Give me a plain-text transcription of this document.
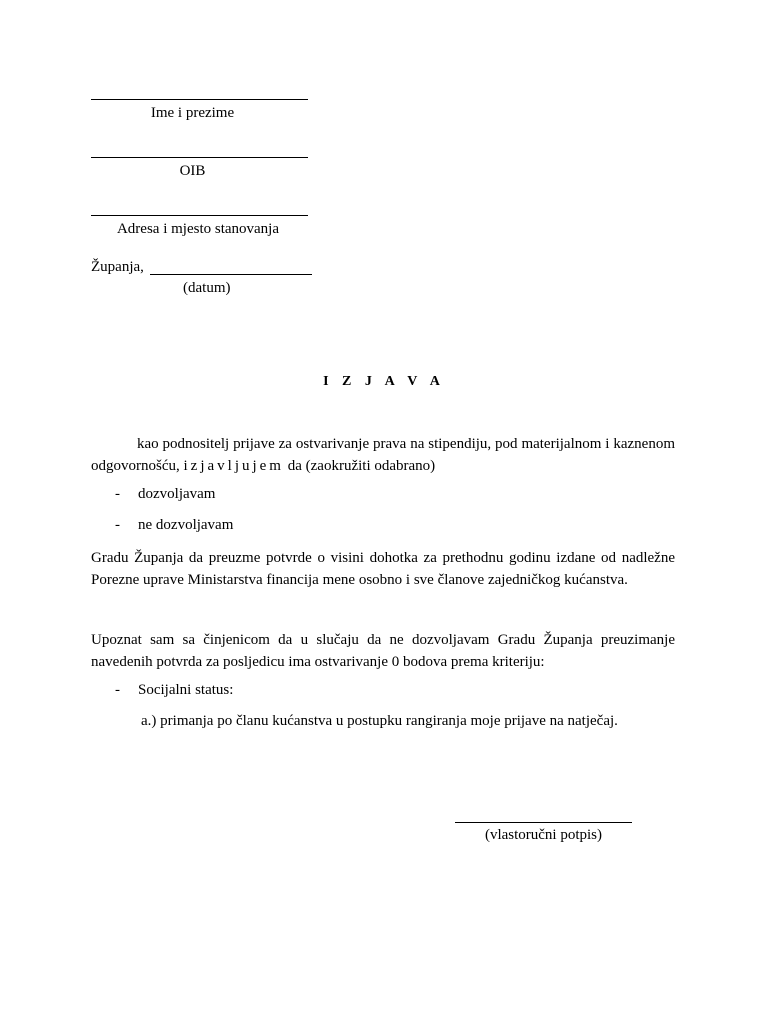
Ime i prezime
OIB
Adresa i mjesto stanovanja
Županja,
(datum)
I Z J A V A
kao podnositelj prijave za ostvarivanje prava na stipendiju, pod materijalnom i kaznenom odgovornošću, izjavljujem da (zaokružiti odabrano)
- dozvoljavam
- ne dozvoljavam
Gradu Županja da preuzme potvrde o visini dohotka za prethodnu godinu izdane od nadležne Porezne uprave Ministarstva financija mene osobno i sve članove zajedničkog kućanstva.
Upoznat sam sa činjenicom da u slučaju da ne dozvoljavam Gradu Županja preuzimanje navedenih potvrda za posljedicu ima ostvarivanje 0 bodova prema kriteriju:
- Socijalni status:
a.) primanja po članu kućanstva u postupku rangiranja moje prijave na natječaj.
(vlastoručni potpis)
